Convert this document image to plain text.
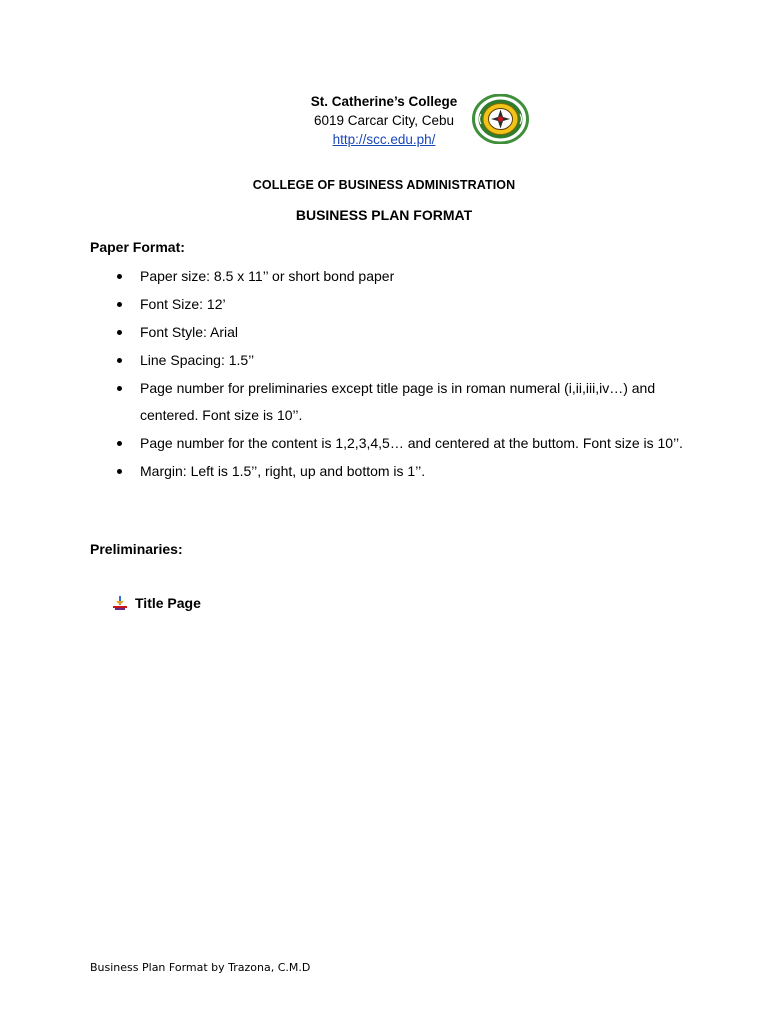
St. Catherine’s College
6019 Carcar City, Cebu
http://scc.edu.ph/
COLLEGE OF BUSINESS ADMINISTRATION
BUSINESS PLAN FORMAT
Paper Format:
Paper size: 8.5 x 11’’ or short bond paper
Font Size: 12’
Font Style: Arial
Line Spacing: 1.5’’
Page number for preliminaries except title page is in roman numeral (i,ii,iii,iv…) and centered. Font size is 10’’.
Page number for the content is 1,2,3,4,5… and centered at the buttom. Font size is 10’’.
Margin: Left is 1.5’’, right, up and bottom is 1’’.
Preliminaries:
Title Page
Business Plan Format by Trazona, C.M.D
